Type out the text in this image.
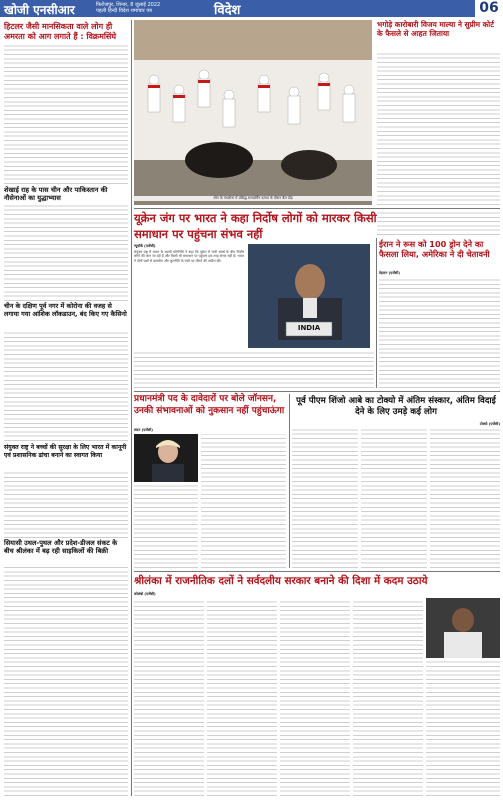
खोजी एनसीआर	फिरोजपुर, शिनार, 8 जुलाई 2022
पहली हिन्दी विदेश शमाचार पत्र	विदेश	06
हिटलर जैसी मानसिकता वाले लोग ही अमरता को आग लगाते हैं : विक्रमसिंघे
शेखाई राह के पास चीन और पाकिस्तान की नौसेनाओं का युद्धाभ्यास
चीन के दक्षिण पूर्व नगर में कोरोना की वजह से लगाया गया आंशिक लॉकडाउन, बंद किए गए कैसिनो
संयुक्त राष्ट्र ने बच्चों की सुरक्षा के लिए भारत में कानूनी एवं प्रशासनिक ढांचा बनाने का स्वागत किया
सियासी उथल-पुथल और प्रदेश-डीजल संकट के बीच श्रीलंका में बढ़ रही साइकिलों की बिक्री
स्पेन के पंपलोना में प्रसिद्ध सनफर्मिन उत्सव के दौरान बैल दौड़
भगोड़े कारोबारी विजय माल्या ने सुप्रीम कोर्ट के फैसले से आहत जिताया
यूक्रेन जंग पर भारत ने कहा निर्दोष लोगों को मारकर किसी समाधान पर पहुंचना संभव नहीं
INDIA
न्यूयॉर्क (एजेंसी)
संयुक्त राष्ट्र में भारत के स्थायी प्रतिनिधि ने कहा कि यूक्रेन में जारी संघर्ष के बीच निर्दोष लोगों की जान जा रही है और किसी भी समाधान पर पहुंचना इस तरह संभव नहीं है। भारत ने दोनों पक्षों से बातचीत और कूटनीति के रास्ते पर लौटने की अपील की।
ईरान ने रूस को 100 ड्रोन देने का फैसला लिया, अमेरिका ने दी चेतावनी
तेहरान (एजेंसी)
प्रधानमंत्री पद के दावेदारों पर बोले जॉनसन, उनकी संभावनाओं को नुकसान नहीं पहुंचाऊंगा
लंदन (एजेंसी)
पूर्व पीएम शिंजो आबे का टोक्यो में अंतिम संस्कार, अंतिम विदाई देने के लिए उमड़े कई लोग
टोक्यो (एजेंसी)
श्रीलंका में राजनीतिक दलों ने सर्वदलीय सरकार बनाने की दिशा में कदम उठाये
कोलंबो (एजेंसी)
